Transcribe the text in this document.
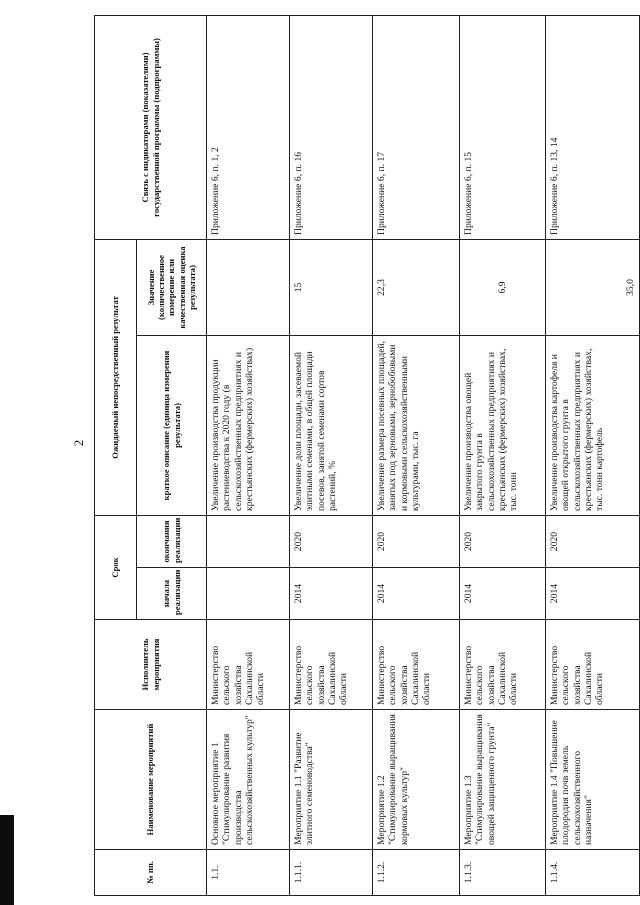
2
№ пп.	Наименование мероприятий	Исполнитель мероприятия	Срок		Ожидаемый непосредственный результат		Связь с индикаторами (показателями) государственной программы (подпрограммы)
			начала реализации	окончания реализации	краткое описание (единица измерения результата)	Значение (количественное измерение или качественная оценка результата)	
1.1.	Основное мероприятие 1 "Стимулирование развития производства сельскохозяйственных культур"	Министерство сельского хозяйства Сахалинской области			Увеличение производства продукции растениеводства к 2020 году (в сельскохозяйственных предприятиях и крестьянских (фермерских) хозяйствах)		Приложение 6, п. 1, 2
1.1.1.	Мероприятие 1.1 "Развитие элитного семеноводства"	Министерство сельского хозяйства Сахалинской области	2014	2020	Увеличение доли площади, засеваемой элитными семенами, в общей площади посевов, занятой семенами сортов растений, %	15	Приложение 6, п. 16
1.1.2.	Мероприятие 1.2 "Стимулирование выращивания кормовых культур"	Министерство сельского хозяйства Сахалинской области	2014	2020	Увеличение размера посевных площадей, занятых под зерновыми, зернобобовыми и кормовыми сельскохозяйственными культурами, тыс. га	22,3	Приложение 6, п. 17
1.1.3.	Мероприятие 1.3 "Стимулирование выращивания овощей защищенного грунта"	Министерство сельского хозяйства Сахалинской области	2014	2020	Увеличение производства овощей закрытого грунта в сельскохозяйственных предприятиях и крестьянских (фермерских) хозяйствах, тыс. тонн	6,9	Приложение 6, п. 15
1.1.4.	Мероприятие 1.4 "Повышение плодородия почв земель сельскохозяйственного назначения"	Министерство сельского хозяйства Сахалинской области	2014	2020	Увеличение производства картофеля и овощей открытого грунта в сельскохозяйственных предприятиях и крестьянских (фермерских) хозяйствах, тыс. тонн картофель	35,0	Приложение 6, п. 13, 14
